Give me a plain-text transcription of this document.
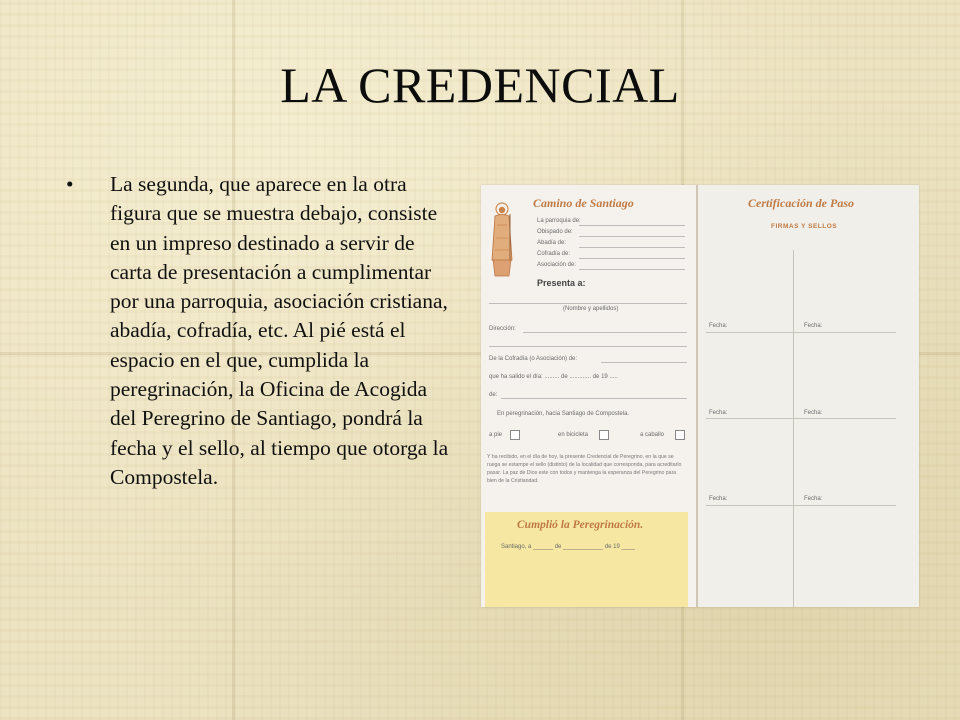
LA CREDENCIAL
•	La segunda, que aparece en la otra figura que se muestra debajo, consiste en un impreso destinado a servir de carta de presentación a cumplimentar por una parroquia, asociación cristiana, abadía, cofradía, etc. Al pié está el espacio en el que, cumplida la peregrinación, la Oficina de Acogida del Peregrino de Santiago, pondrá la fecha y el sello, al tiempo que otorga la Compostela.
Camino de Santiago
La parroquia de:
Obispado de:
Abadía de:
Cofradía de:
Asociación de:
Presenta a:
(Nombre y apellidos)
Dirección:
De la Cofradía (o Asociación) de:
que ha salido el día: ......... de ............. de 19 .....
de:
En peregrinación, hacia Santiago de Compostela.
a pie	en bicicleta	a caballo
Y ha recibido, en el día de hoy, la presente Credencial de Peregrino, en la que se ruega se estampe el sello (distinto) de la localidad que corresponda, para acreditarlo pasar. La paz de Dios este con todos y mantenga la esperanza del Peregrino para bien de la Cristiandad.
Cumplió la Peregrinación.
Santiago, a ______ de ____________ de 19 ____
Certificación de Paso
FIRMAS Y SELLOS
Fecha:	Fecha:
Fecha:	Fecha:
Fecha:	Fecha:
